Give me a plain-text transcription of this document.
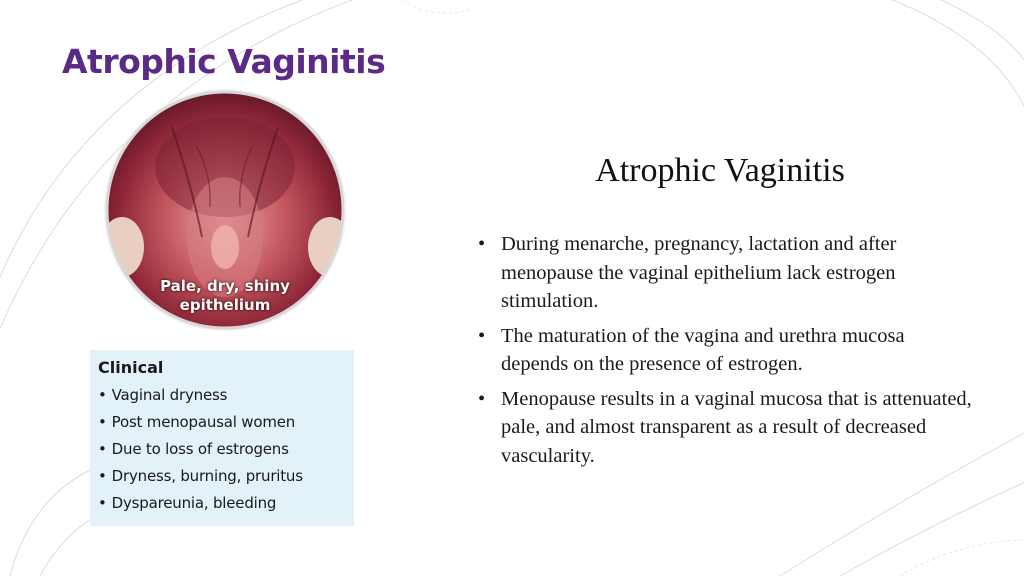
Atrophic Vaginitis
Pale, dry, shiny
epithelium
Clinical
• Vaginal dryness
• Post menopausal women
• Due to loss of estrogens
• Dryness, burning, pruritus
• Dyspareunia, bleeding
Atrophic Vaginitis
• During menarche, pregnancy, lactation and after menopause the vaginal epithelium lack estrogen stimulation.
• The maturation of the vagina and urethra mucosa depends on the presence of estrogen.
• Menopause results in a vaginal mucosa that is attenuated, pale, and almost transparent as a result of decreased vascularity.
